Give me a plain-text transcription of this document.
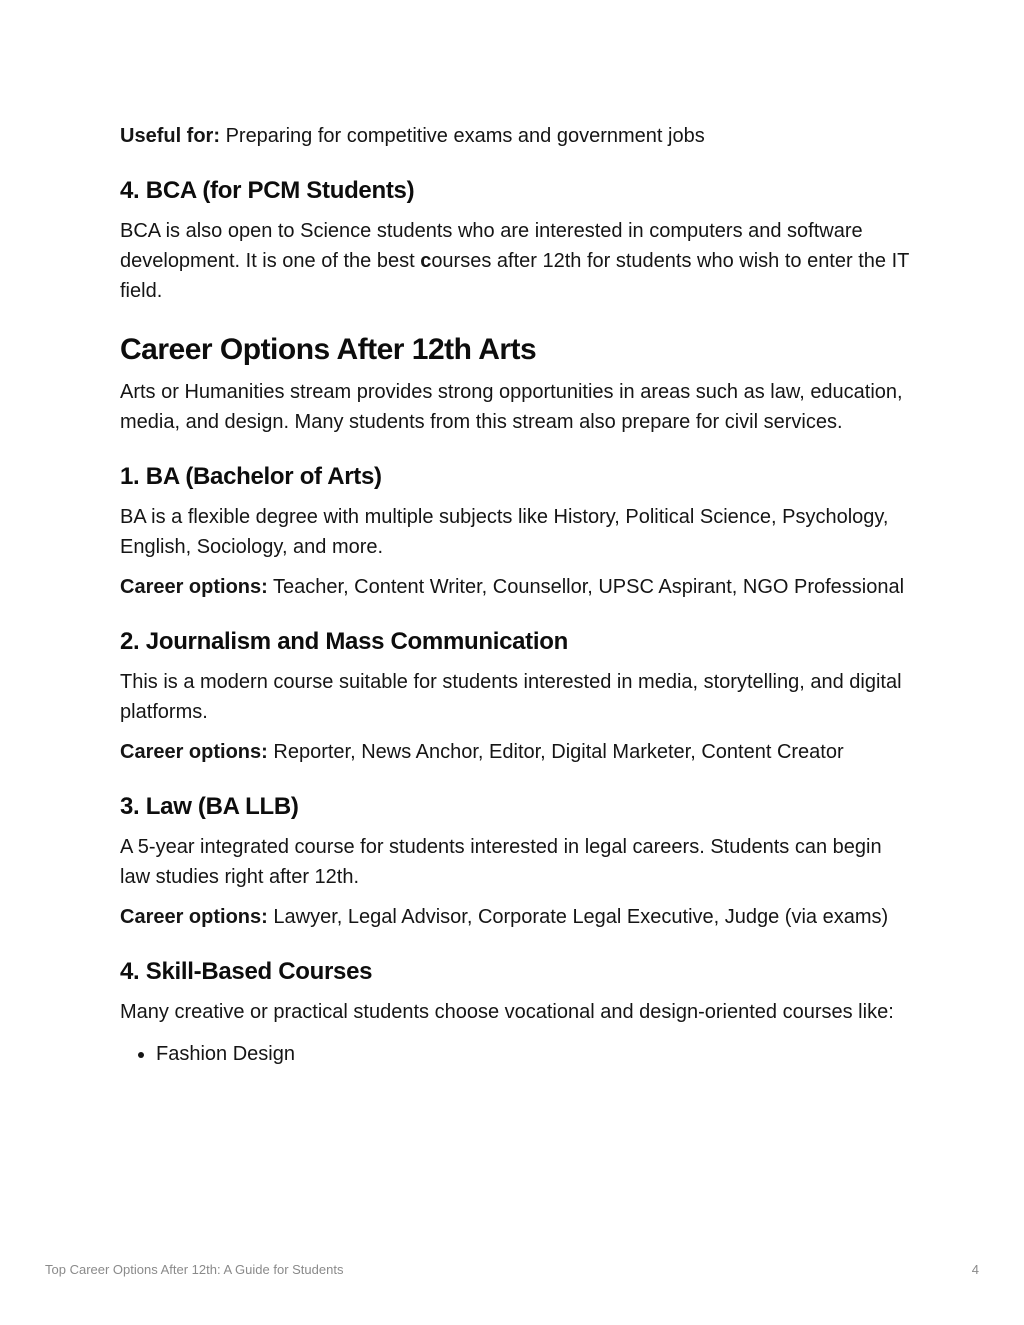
Useful for: Preparing for competitive exams and government jobs

4. BCA (for PCM Students)

BCA is also open to Science students who are interested in computers and software development. It is one of the best courses after 12th for students who wish to enter the IT field.

Career Options After 12th Arts

Arts or Humanities stream provides strong opportunities in areas such as law, education, media, and design. Many students from this stream also prepare for civil services.

1. BA (Bachelor of Arts)

BA is a flexible degree with multiple subjects like History, Political Science, Psychology, English, Sociology, and more.

Career options: Teacher, Content Writer, Counsellor, UPSC Aspirant, NGO Professional

2. Journalism and Mass Communication

This is a modern course suitable for students interested in media, storytelling, and digital platforms.

Career options: Reporter, News Anchor, Editor, Digital Marketer, Content Creator

3. Law (BA LLB)

A 5-year integrated course for students interested in legal careers. Students can begin law studies right after 12th.

Career options: Lawyer, Legal Advisor, Corporate Legal Executive, Judge (via exams)

4. Skill-Based Courses

Many creative or practical students choose vocational and design-oriented courses like:

• Fashion Design
Top Career Options After 12th: A Guide for Students	4
